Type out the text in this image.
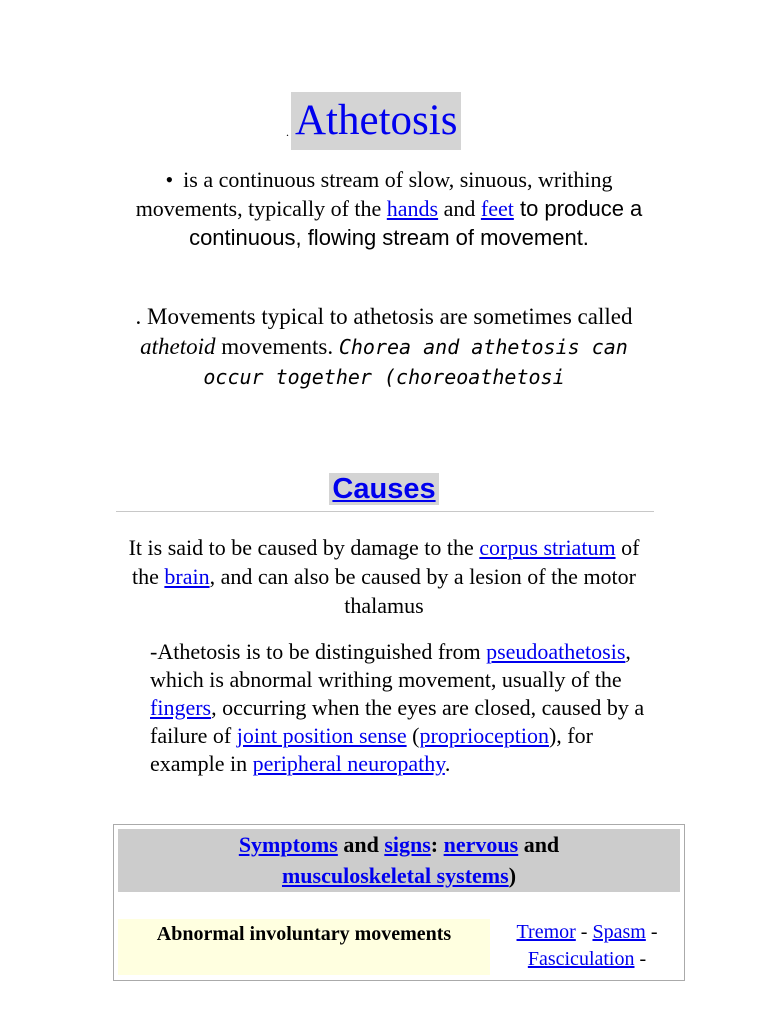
. Athetosis
• is a continuous stream of slow, sinuous, writhing movements, typically of the hands and feet to produce a continuous, flowing stream of movement.
. Movements typical to athetosis are sometimes called athetoid movements. Chorea and athetosis can occur together (choreoathetosi
Causes
It is said to be caused by damage to the corpus striatum of the brain, and can also be caused by a lesion of the motor thalamus
-Athetosis is to be distinguished from pseudoathetosis, which is abnormal writhing movement, usually of the fingers, occurring when the eyes are closed, caused by a failure of joint position sense (proprioception), for example in peripheral neuropathy.
Symptoms and signs: nervous and
musculoskeletal systems)
Abnormal involuntary movements	Tremor - Spasm -
Fasciculation -
